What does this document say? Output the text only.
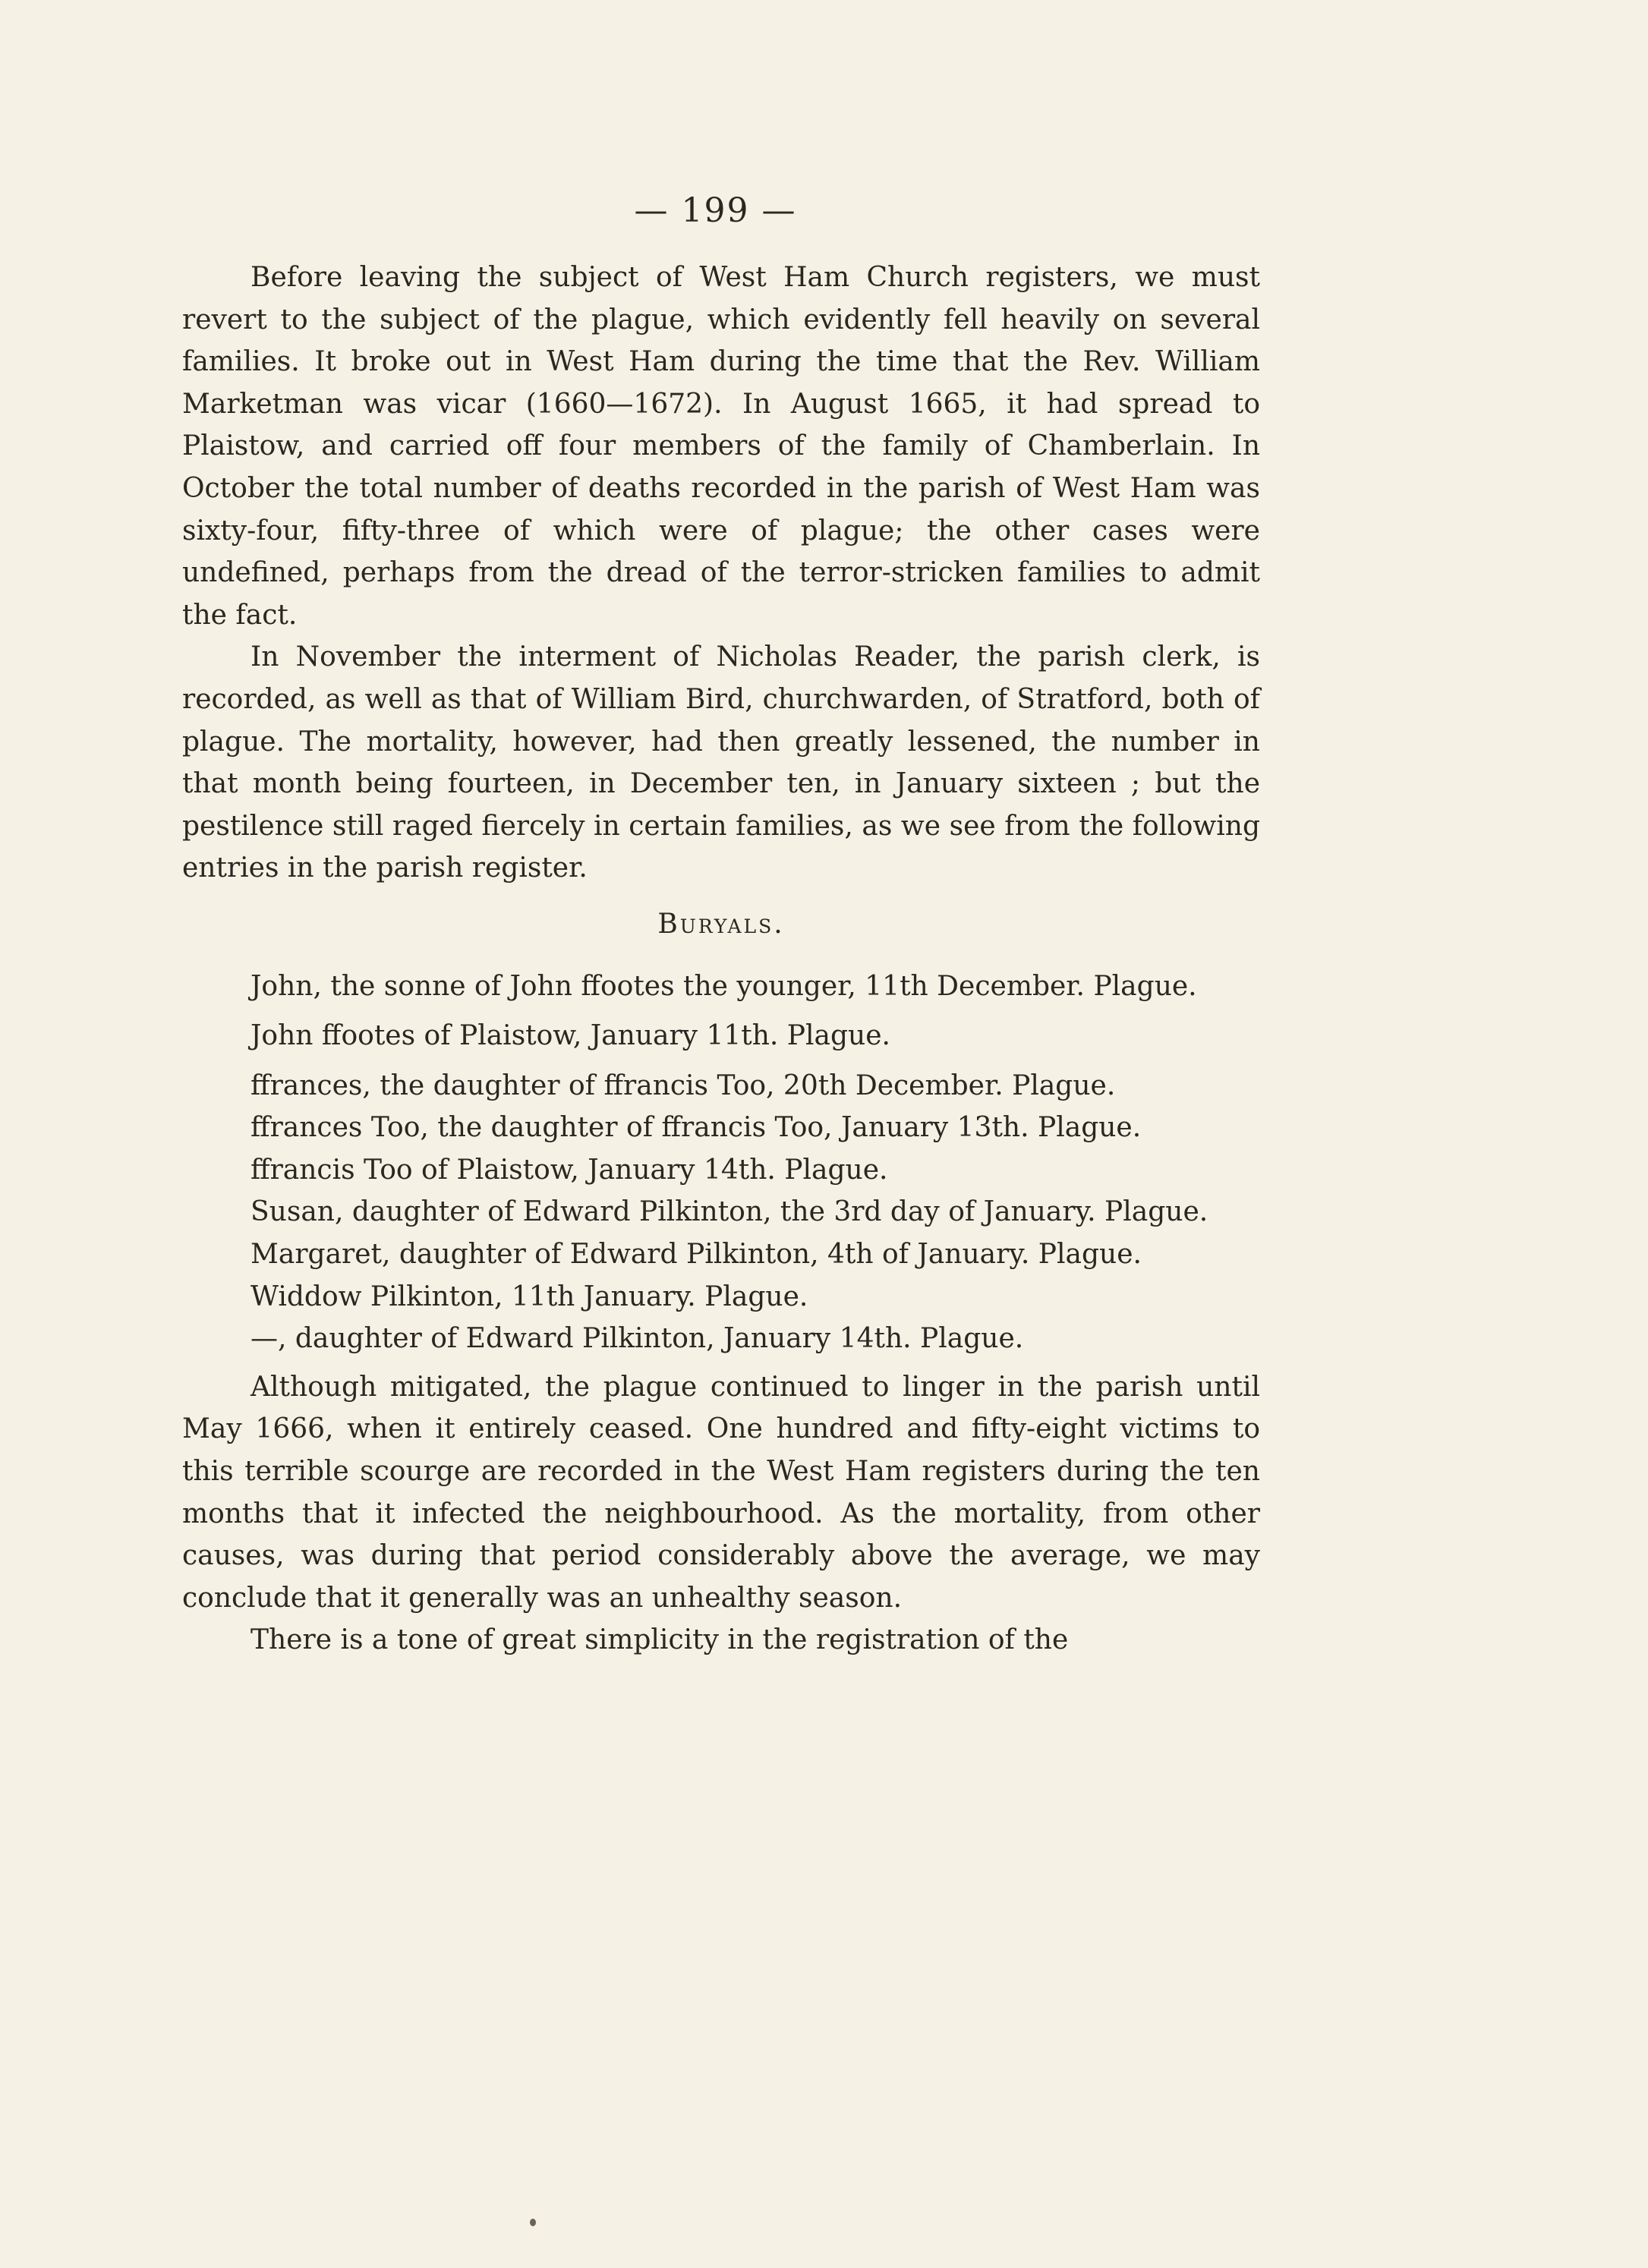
— 199 —

Before leaving the subject of West Ham Church registers, we must revert to the subject of the plague, which evidently fell heavily on several families. It broke out in West Ham during the time that the Rev. William Marketman was vicar (1660—1672). In August 1665, it had spread to Plaistow, and carried off four members of the family of Chamberlain. In October the total number of deaths recorded in the parish of West Ham was sixty-four, fifty-three of which were of plague; the other cases were undefined, perhaps from the dread of the terror-stricken families to admit the fact.

In November the interment of Nicholas Reader, the parish clerk, is recorded, as well as that of William Bird, churchwarden, of Stratford, both of plague. The mortality, however, had then greatly lessened, the number in that month being fourteen, in December ten, in January sixteen ; but the pestilence still raged fiercely in certain families, as we see from the following entries in the parish register.

Buryals.
John, the sonne of John ffootes the younger, 11th December. Plague.
John ffootes of Plaistow, January 11th. Plague.
ffrances, the daughter of ffrancis Too, 20th December. Plague.
ffrances Too, the daughter of ffrancis Too, January 13th. Plague.
ffrancis Too of Plaistow, January 14th. Plague.
Susan, daughter of Edward Pilkinton, the 3rd day of January. Plague.
Margaret, daughter of Edward Pilkinton, 4th of January. Plague.
Widdow Pilkinton, 11th January. Plague.
—, daughter of Edward Pilkinton, January 14th. Plague.

Although mitigated, the plague continued to linger in the parish until May 1666, when it entirely ceased. One hundred and fifty-eight victims to this terrible scourge are recorded in the West Ham registers during the ten months that it infected the neighbourhood. As the mortality, from other causes, was during that period considerably above the average, we may conclude that it generally was an unhealthy season.

There is a tone of great simplicity in the registration of the
